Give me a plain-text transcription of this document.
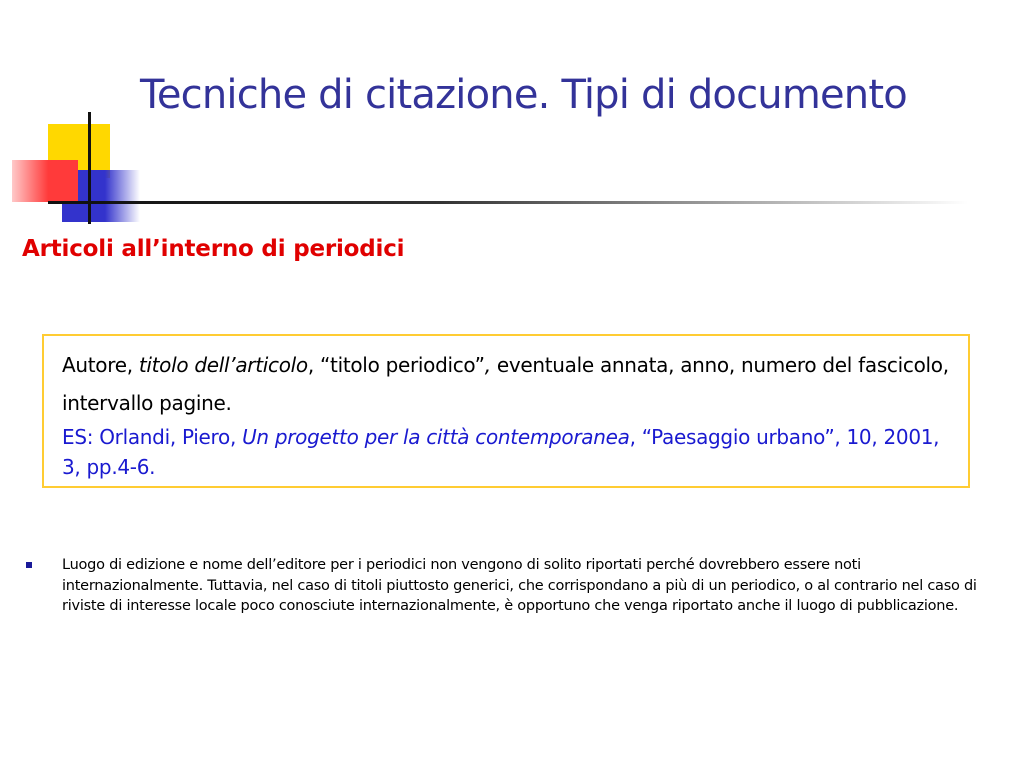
Tecniche di citazione. Tipi di documento
Articoli all’interno di periodici
Autore, titolo dell’articolo, “titolo periodico”, eventuale annata, anno, numero del fascicolo, intervallo pagine.
ES: Orlandi, Piero, Un progetto per la città contemporanea, “Paesaggio urbano”, 10, 2001, 3, pp.4-6.
Luogo di edizione e nome dell’editore per i periodici non vengono di solito riportati perché dovrebbero essere noti internazionalmente. Tuttavia, nel caso di titoli piuttosto generici, che corrispondano a più di un periodico, o al contrario nel caso di riviste di interesse locale poco conosciute internazionalmente, è opportuno che venga riportato anche il luogo di pubblicazione.
